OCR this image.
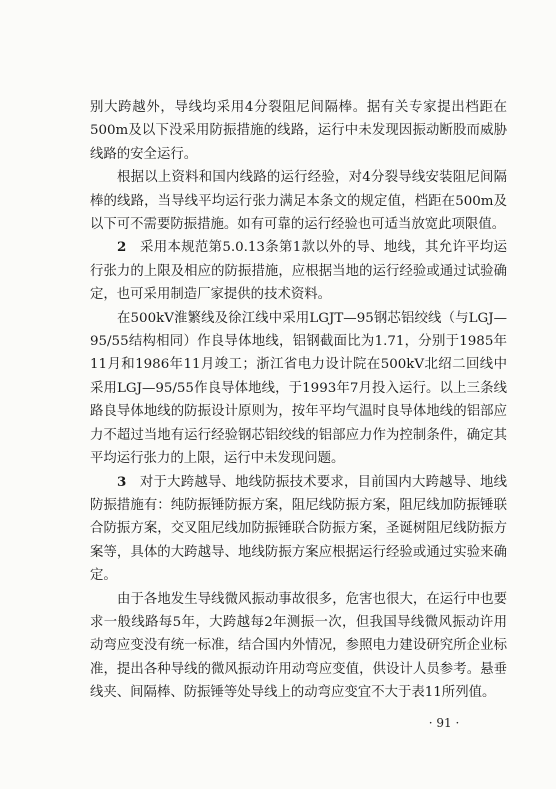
别大跨越外，导线均采用4分裂阻尼间隔棒。据有关专家提出档距在500m及以下没采用防振措施的线路，运行中未发现因振动断股而威胁线路的安全运行。

根据以上资料和国内线路的运行经验，对4分裂导线安装阻尼间隔棒的线路，当导线平均运行张力满足本条文的规定值，档距在500m及以下可不需要防振措施。如有可靠的运行经验也可适当放宽此项限值。

2  采用本规范第5.0.13条第1款以外的导、地线，其允许平均运行张力的上限及相应的防振措施，应根据当地的运行经验或通过试验确定，也可采用制造厂家提供的技术资料。

在500kV淮繁线及徐江线中采用LGJT—95钢芯铝绞线（与LGJ—95/55结构相同）作良导体地线，铝钢截面比为1.71，分别于1985年11月和1986年11月竣工；浙江省电力设计院在500kV北绍二回线中采用LGJ—95/55作良导体地线，于1993年7月投入运行。以上三条线路良导体地线的防振设计原则为，按年平均气温时良导体地线的铝部应力不超过当地有运行经验钢芯铝绞线的铝部应力作为控制条件，确定其平均运行张力的上限，运行中未发现问题。

3  对于大跨越导、地线防振技术要求，目前国内大跨越导、地线防振措施有：纯防振锤防振方案，阻尼线防振方案，阻尼线加防振锤联合防振方案，交叉阻尼线加防振锤联合防振方案，圣诞树阻尼线防振方案等，具体的大跨越导、地线防振方案应根据运行经验或通过实验来确定。

由于各地发生导线微风振动事故很多，危害也很大，在运行中也要求一般线路每5年，大跨越每2年测振一次，但我国导线微风振动许用动弯应变没有统一标准，结合国内外情况，参照电力建设研究所企业标准，提出各种导线的微风振动许用动弯应变值，供设计人员参考。悬垂线夹、间隔棒、防振锤等处导线上的动弯应变宜不大于表11所列值。

· 91 ·
